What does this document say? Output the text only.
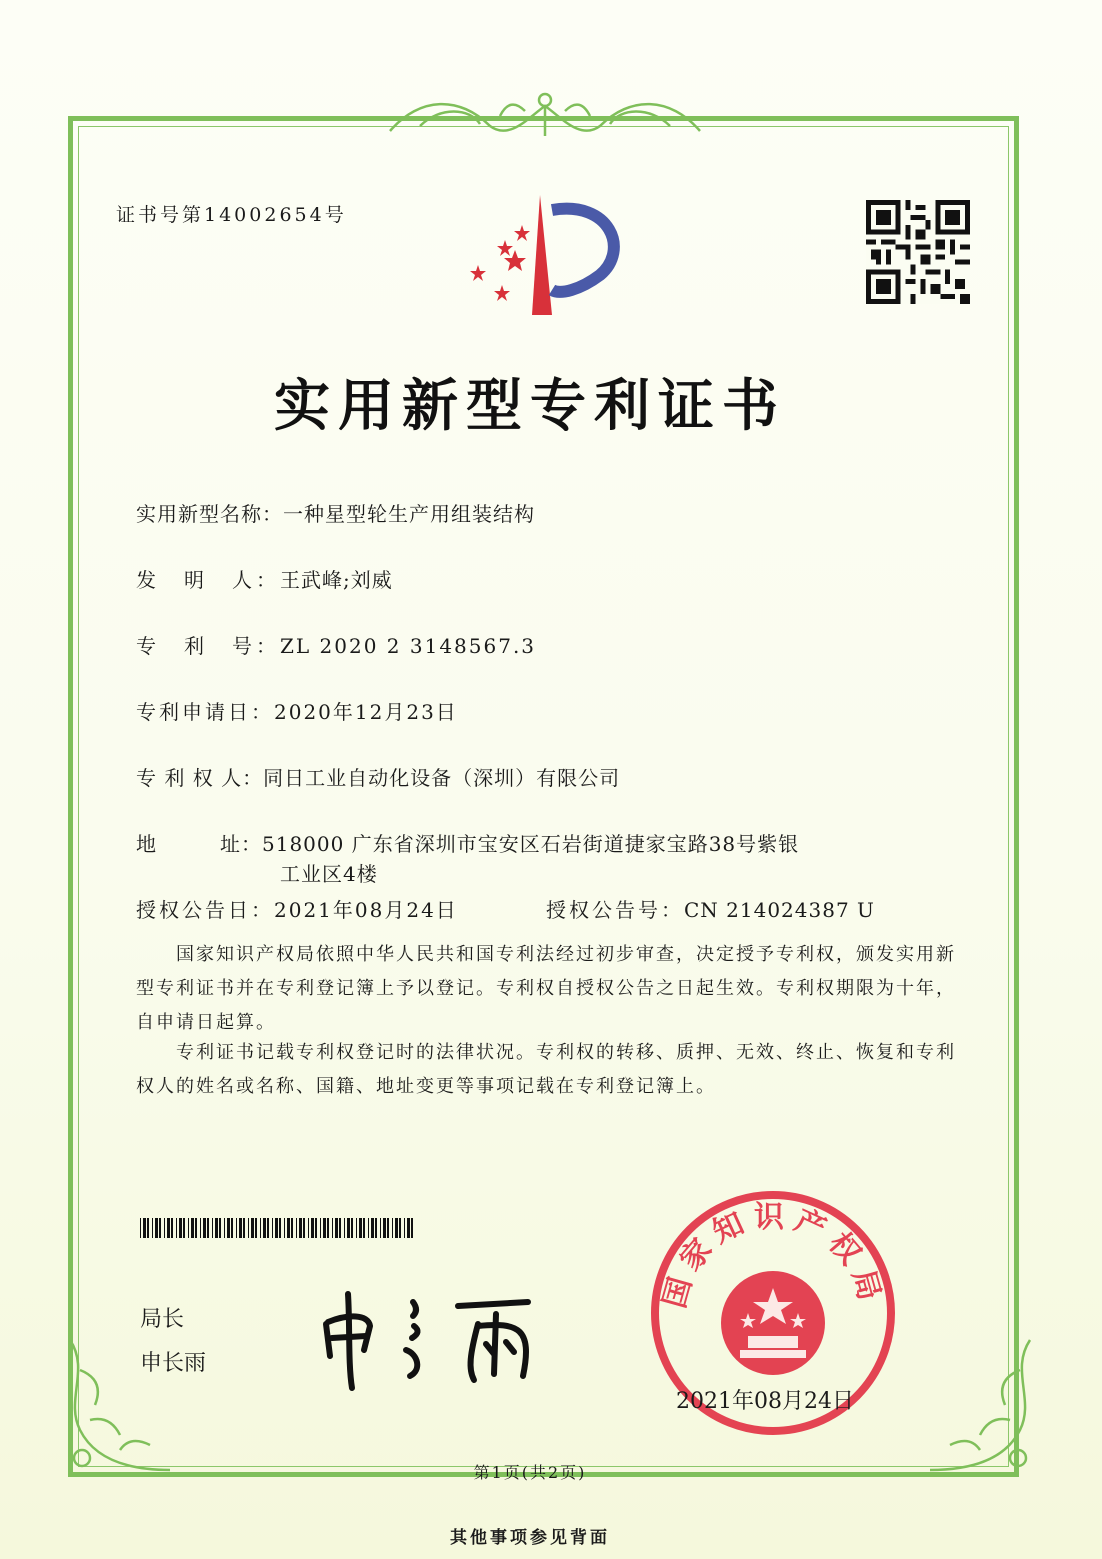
证书号第14002654号
实用新型专利证书
实用新型名称：一种星型轮生产用组装结构
发　明　人：王武峰;刘威
专　利　号：ZL 2020 2 3148567.3
专利申请日：2020年12月23日
专 利 权 人：同日工业自动化设备（深圳）有限公司
地　　　址：518000 广东省深圳市宝安区石岩街道捷家宝路38号紫银
工业区4楼
授权公告日：2021年08月24日	授权公告号：CN 214024387 U
国家知识产权局依照中华人民共和国专利法经过初步审查，决定授予专利权，颁发实用新型专利证书并在专利登记簿上予以登记。专利权自授权公告之日起生效。专利权期限为十年，自申请日起算。
专利证书记载专利权登记时的法律状况。专利权的转移、质押、无效、终止、恢复和专利权人的姓名或名称、国籍、地址变更等事项记载在专利登记簿上。
局长
申长雨
国家知识产权局
2021年08月24日
第1页(共2页)
其他事项参见背面
